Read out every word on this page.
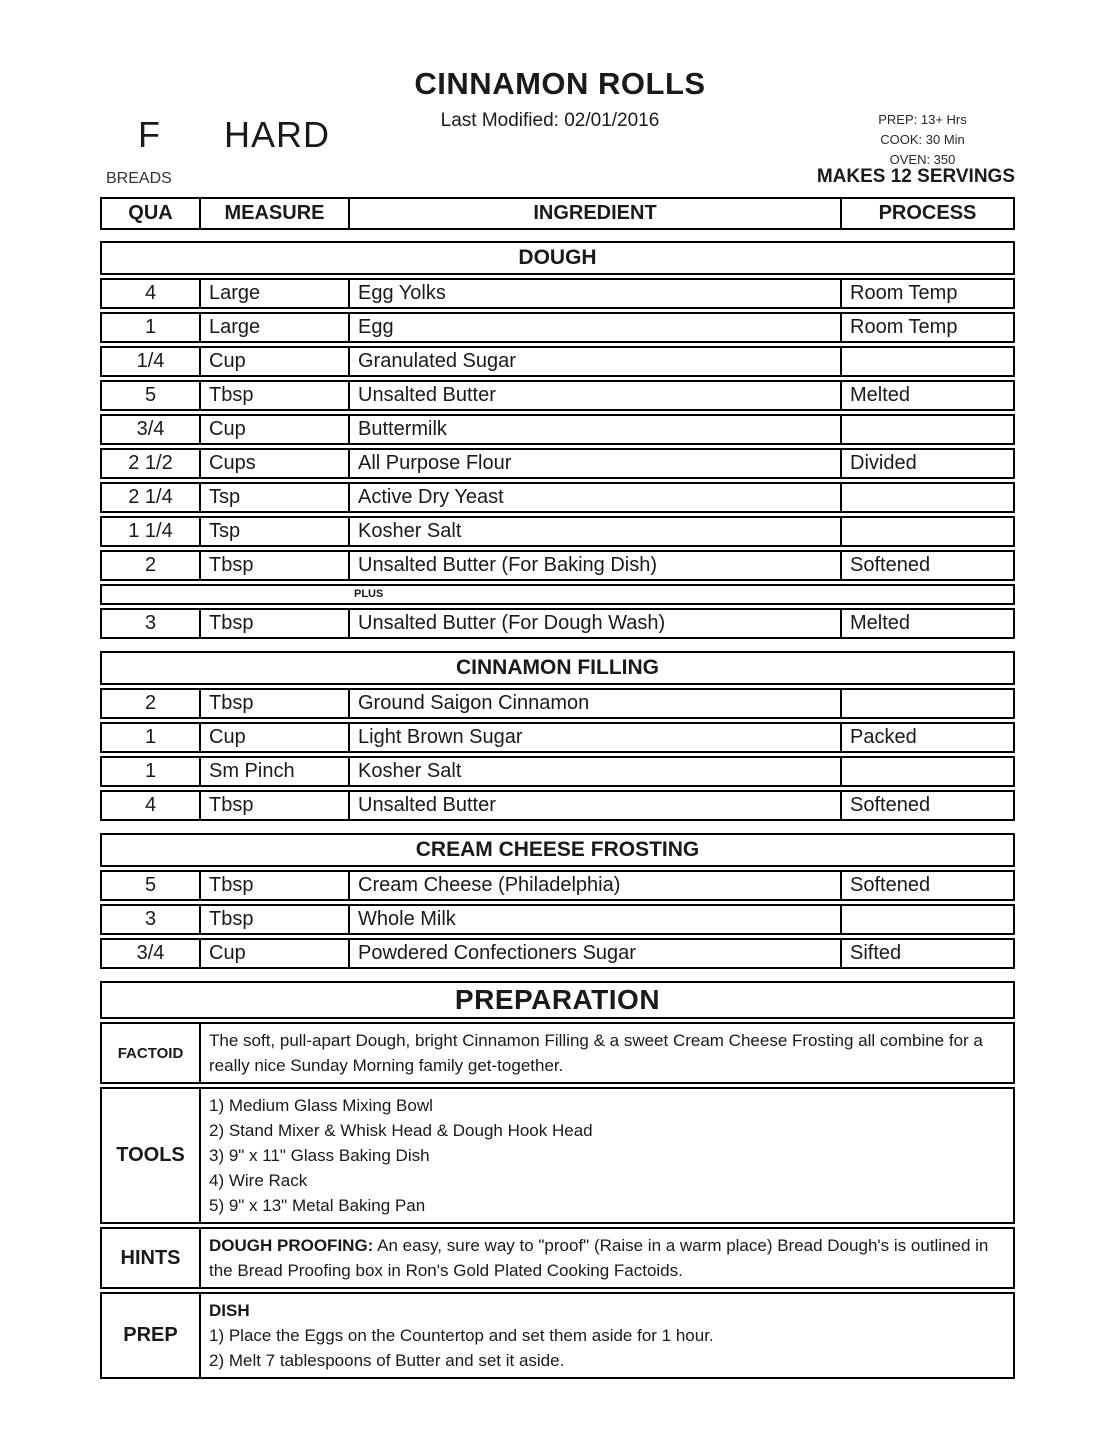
CINNAMON ROLLS
Last Modified: 02/01/2016	PREP: 13+ Hrs
COOK: 30 Min
OVEN: 350
F HARD
BREADS	MAKES 12 SERVINGS
QUA	MEASURE	INGREDIENT	PROCESS
DOUGH
4	Large	Egg Yolks	Room Temp
1	Large	Egg	Room Temp
1/4	Cup	Granulated Sugar
5	Tbsp	Unsalted Butter	Melted
3/4	Cup	Buttermilk
2 1/2	Cups	All Purpose Flour	Divided
2 1/4	Tsp	Active Dry Yeast
1 1/4	Tsp	Kosher Salt
2	Tbsp	Unsalted Butter (For Baking Dish)	Softened
PLUS
3	Tbsp	Unsalted Butter (For Dough Wash)	Melted
CINNAMON FILLING
2	Tbsp	Ground Saigon Cinnamon
1	Cup	Light Brown Sugar	Packed
1	Sm Pinch	Kosher Salt
4	Tbsp	Unsalted Butter	Softened
CREAM CHEESE FROSTING
5	Tbsp	Cream Cheese (Philadelphia)	Softened
3	Tbsp	Whole Milk
3/4	Cup	Powdered Confectioners Sugar	Sifted
PREPARATION
FACTOID
The soft, pull-apart Dough, bright Cinnamon Filling & a sweet Cream Cheese Frosting all combine for a really nice Sunday Morning family get-together.
TOOLS
1) Medium Glass Mixing Bowl
2) Stand Mixer & Whisk Head & Dough Hook Head
3) 9" x 11" Glass Baking Dish
4) Wire Rack
5) 9" x 13" Metal Baking Pan
HINTS
DOUGH PROOFING: An easy, sure way to "proof" (Raise in a warm place) Bread Dough's is outlined in the Bread Proofing box in Ron's Gold Plated Cooking Factoids.
PREP
DISH
1) Place the Eggs on the Countertop and set them aside for 1 hour.
2) Melt 7 tablespoons of Butter and set it aside.
